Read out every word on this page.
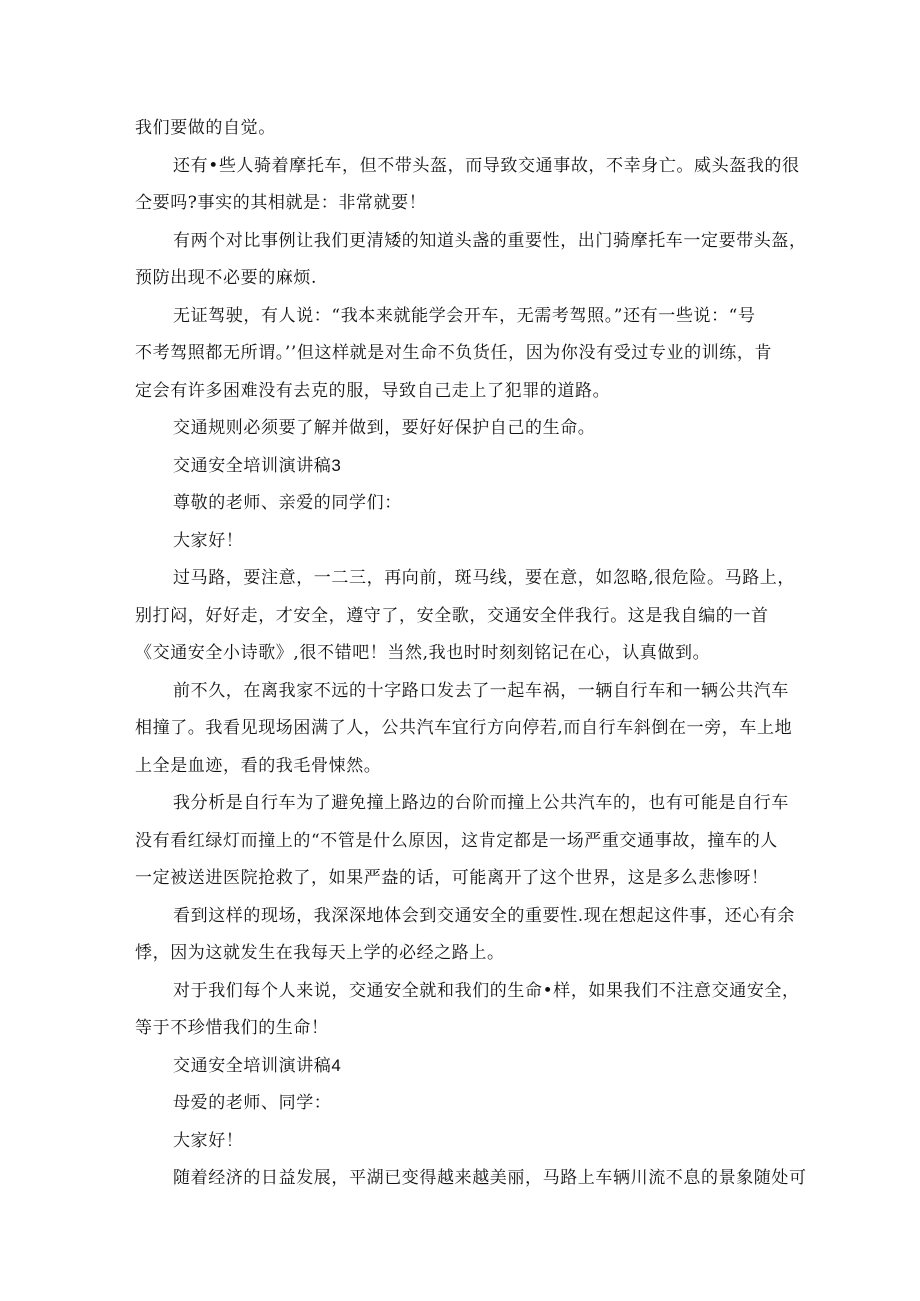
我们要做的自觉。
还有•些人骑着摩托车，但不带头盔，而导致交通事故，不幸身亡。威头盔我的很
仝要吗?事实的其相就是：非常就要！
有两个对比事例让我们更清矮的知道头盏的重要性，出门骑摩托车一定要带头盔，
预防出现不必要的麻烦.
无证驾驶，有人说：“我本来就能学会开车，无需考驾照。”还有一些说：“号
不考驾照都无所谓。’’但这样就是对生命不负货任，因为你没有受过专业的训练，肯
定会有许多困难没有去克的服，导致自己走上了犯罪的道路。
交通规则必须要了解并做到，要好好保护自己的生命。
交通安全培训演讲稿3
尊敬的老师、亲爱的同学们：
大家好！
过马路，要注意，一二三，再向前，斑马线，要在意，如忽略,很危险。马路上，
别打闷，好好走，才安全，遵守了，安全歌，交通安全伴我行。这是我自编的一首
《交通安全小诗歌》,很不错吧！当然,我也时时刻刻铭记在心，认真做到。
前不久，在离我家不远的十字路口发去了一起车祸，一辆自行车和一辆公共汽车
相撞了。我看见现场困满了人，公共汽车宜行方向停若,而自行车斜倒在一旁，车上地
上全是血迹，看的我毛骨悚然。
我分析是自行车为了避免撞上路边的台阶而撞上公共汽车的，也有可能是自行车
没有看红绿灯而撞上的“不管是什么原因，这肯定都是一场严重交通事故，撞车的人
一定被送进医院抢救了，如果严盎的话，可能离开了这个世界，这是多么悲惨呀！
看到这样的现场，我深深地体会到交通安全的重要性.现在想起这件事，还心有余
悸，因为这就发生在我每天上学的必经之路上。
对于我们每个人来说，交通安全就和我们的生命•样，如果我们不注意交通安全，
等于不珍惜我们的生命！
交通安全培训演讲稿4
母爱的老师、同学：
大家好！
随着经济的日益发展，平湖已变得越来越美丽，马路上车辆川流不息的景象随处可
